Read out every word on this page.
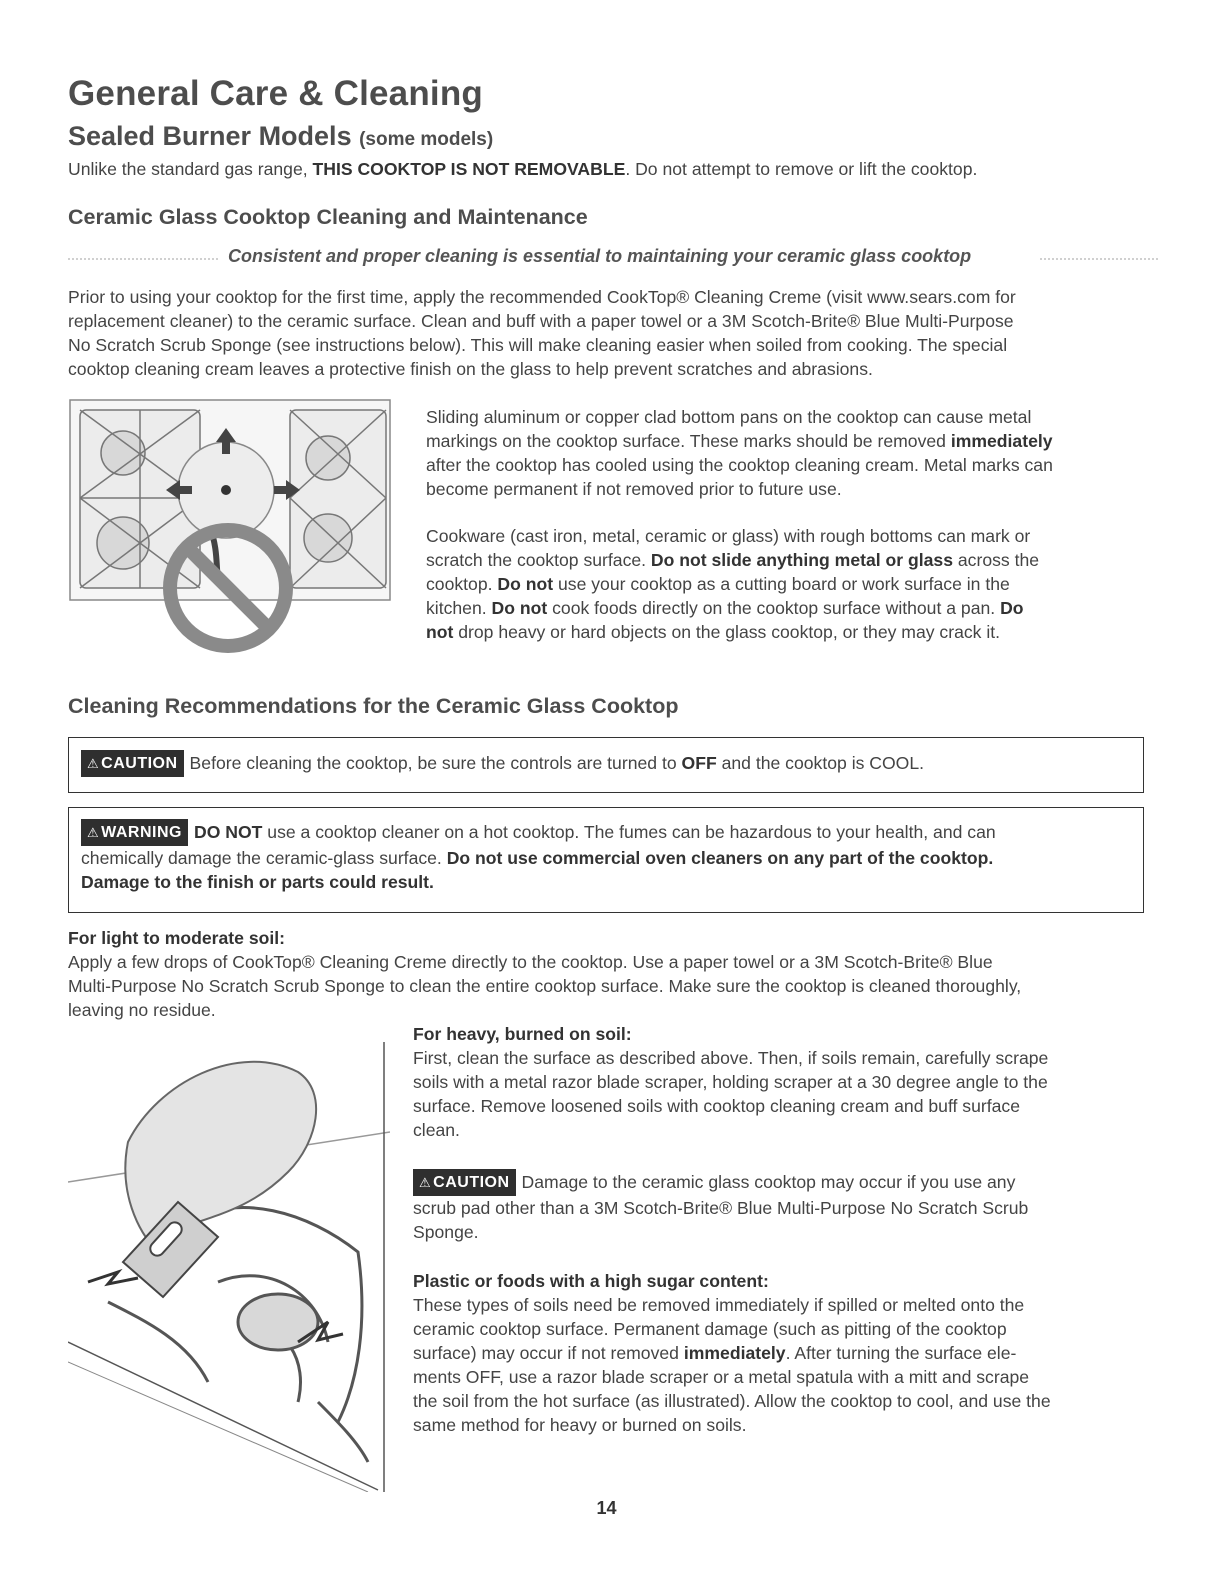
General Care & Cleaning
Sealed Burner Models (some models)
Unlike the standard gas range, THIS COOKTOP IS NOT REMOVABLE. Do not attempt to remove or lift the cooktop.
Ceramic Glass Cooktop Cleaning and Maintenance
Consistent and proper cleaning is essential to maintaining your ceramic glass cooktop
Prior to using your cooktop for the first time, apply the recommended CookTop® Cleaning Creme (visit www.sears.com for
replacement cleaner) to the ceramic surface. Clean and buff with a paper towel or a 3M Scotch-Brite® Blue Multi-Purpose
No Scratch Scrub Sponge (see instructions below). This will make cleaning easier when soiled from cooking. The special
cooktop cleaning cream leaves a protective finish on the glass to help prevent scratches and abrasions.
Sliding aluminum or copper clad bottom pans on the cooktop can cause metal
markings on the cooktop surface. These marks should be removed immediately
after the cooktop has cooled using the cooktop cleaning cream. Metal marks can
become permanent if not removed prior to future use.
Cookware (cast iron, metal, ceramic or glass) with rough bottoms can mark or
scratch the cooktop surface. Do not slide anything metal or glass across the
cooktop. Do not use your cooktop as a cutting board or work surface in the
kitchen. Do not cook foods directly on the cooktop surface without a pan. Do
not drop heavy or hard objects on the glass cooktop, or they may crack it.
Cleaning Recommendations for the Ceramic Glass Cooktop
⚠ CAUTION Before cleaning the cooktop, be sure the controls are turned to OFF and the cooktop is COOL.
⚠ WARNING DO NOT use a cooktop cleaner on a hot cooktop. The fumes can be hazardous to your health, and can
chemically damage the ceramic-glass surface. Do not use commercial oven cleaners on any part of the cooktop.
Damage to the finish or parts could result.
For light to moderate soil:
Apply a few drops of CookTop® Cleaning Creme directly to the cooktop. Use a paper towel or a 3M Scotch-Brite® Blue
Multi-Purpose No Scratch Scrub Sponge to clean the entire cooktop surface. Make sure the cooktop is cleaned thoroughly,
leaving no residue.
For heavy, burned on soil:
First, clean the surface as described above. Then, if soils remain, carefully scrape
soils with a metal razor blade scraper, holding scraper at a 30 degree angle to the
surface. Remove loosened soils with cooktop cleaning cream and buff surface
clean.
⚠ CAUTION Damage to the ceramic glass cooktop may occur if you use any
scrub pad other than a 3M Scotch-Brite® Blue Multi-Purpose No Scratch Scrub
Sponge.
Plastic or foods with a high sugar content:
These types of soils need be removed immediately if spilled or melted onto the
ceramic cooktop surface. Permanent damage (such as pitting of the cooktop
surface) may occur if not removed immediately. After turning the surface ele-
ments OFF, use a razor blade scraper or a metal spatula with a mitt and scrape
the soil from the hot surface (as illustrated). Allow the cooktop to cool, and use the
same method for heavy or burned on soils.
14
